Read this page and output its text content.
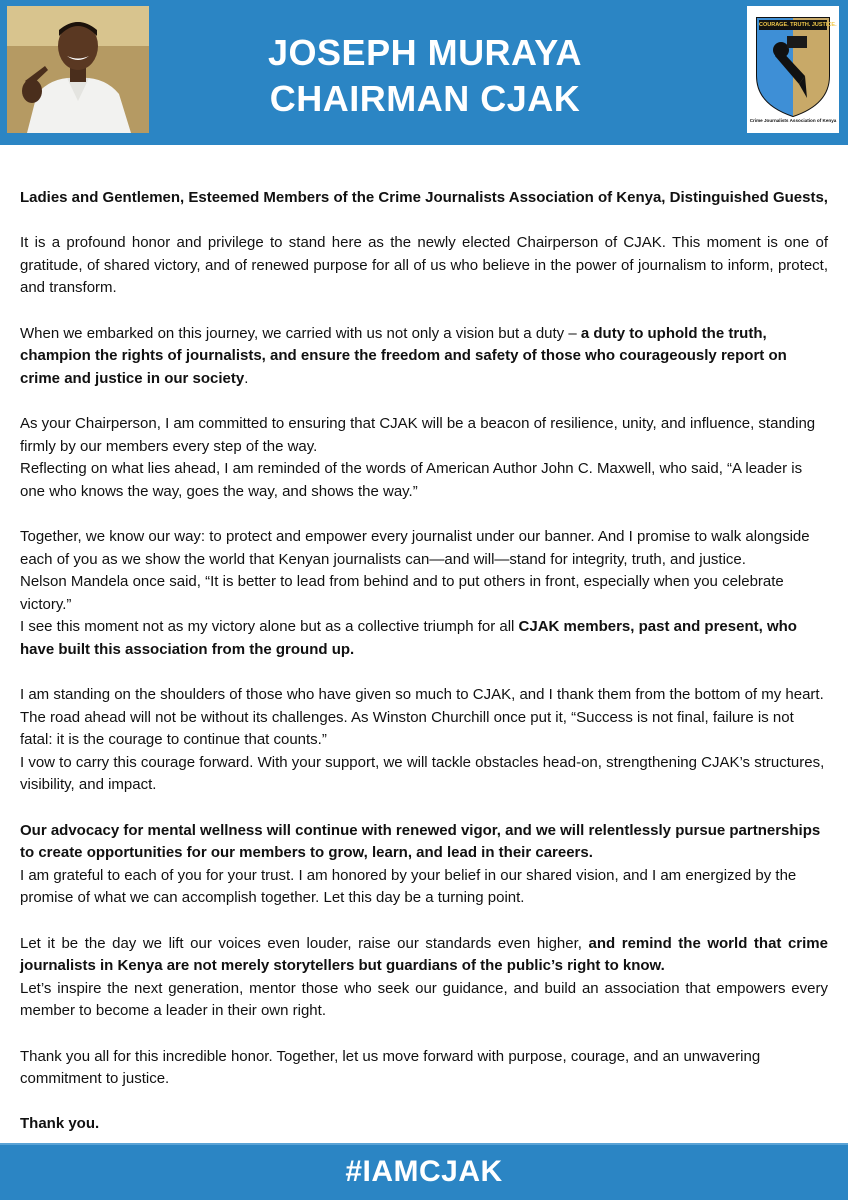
JOSEPH MURAYA
CHAIRMAN CJAK
COURAGE. TRUTH. JUSTICE.
Crime Journalists Association of Kenya

Ladies and Gentlemen, Esteemed Members of the Crime Journalists Association of Kenya, Distinguished Guests,

It is a profound honor and privilege to stand here as the newly elected Chairperson of CJAK. This moment is one of gratitude, of shared victory, and of renewed purpose for all of us who believe in the power of journalism to inform, protect, and transform.

When we embarked on this journey, we carried with us not only a vision but a duty – a duty to uphold the truth, champion the rights of journalists, and ensure the freedom and safety of those who courageously report on crime and justice in our society.

As your Chairperson, I am committed to ensuring that CJAK will be a beacon of resilience, unity, and influence, standing firmly by our members every step of the way.

Reflecting on what lies ahead, I am reminded of the words of American Author John C. Maxwell, who said, “A leader is one who knows the way, goes the way, and shows the way.”

Together, we know our way: to protect and empower every journalist under our banner. And I promise to walk alongside each of you as we show the world that Kenyan journalists can—and will—stand for integrity, truth, and justice.

Nelson Mandela once said, “It is better to lead from behind and to put others in front, especially when you celebrate victory.”

I see this moment not as my victory alone but as a collective triumph for all CJAK members, past and present, who have built this association from the ground up.

I am standing on the shoulders of those who have given so much to CJAK, and I thank them from the bottom of my heart.

The road ahead will not be without its challenges. As Winston Churchill once put it, “Success is not final, failure is not fatal: it is the courage to continue that counts.”

I vow to carry this courage forward. With your support, we will tackle obstacles head-on, strengthening CJAK’s structures, visibility, and impact.

Our advocacy for mental wellness will continue with renewed vigor, and we will relentlessly pursue partnerships to create opportunities for our members to grow, learn, and lead in their careers.

I am grateful to each of you for your trust. I am honored by your belief in our shared vision, and I am energized by the promise of what we can accomplish together. Let this day be a turning point.

Let it be the day we lift our voices even louder, raise our standards even higher, and remind the world that crime journalists in Kenya are not merely storytellers but guardians of the public’s right to know.

Let’s inspire the next generation, mentor those who seek our guidance, and build an association that empowers every member to become a leader in their own right.

Thank you all for this incredible honor. Together, let us move forward with purpose, courage, and an unwavering commitment to justice.

Thank you.

#IAMCJAK
